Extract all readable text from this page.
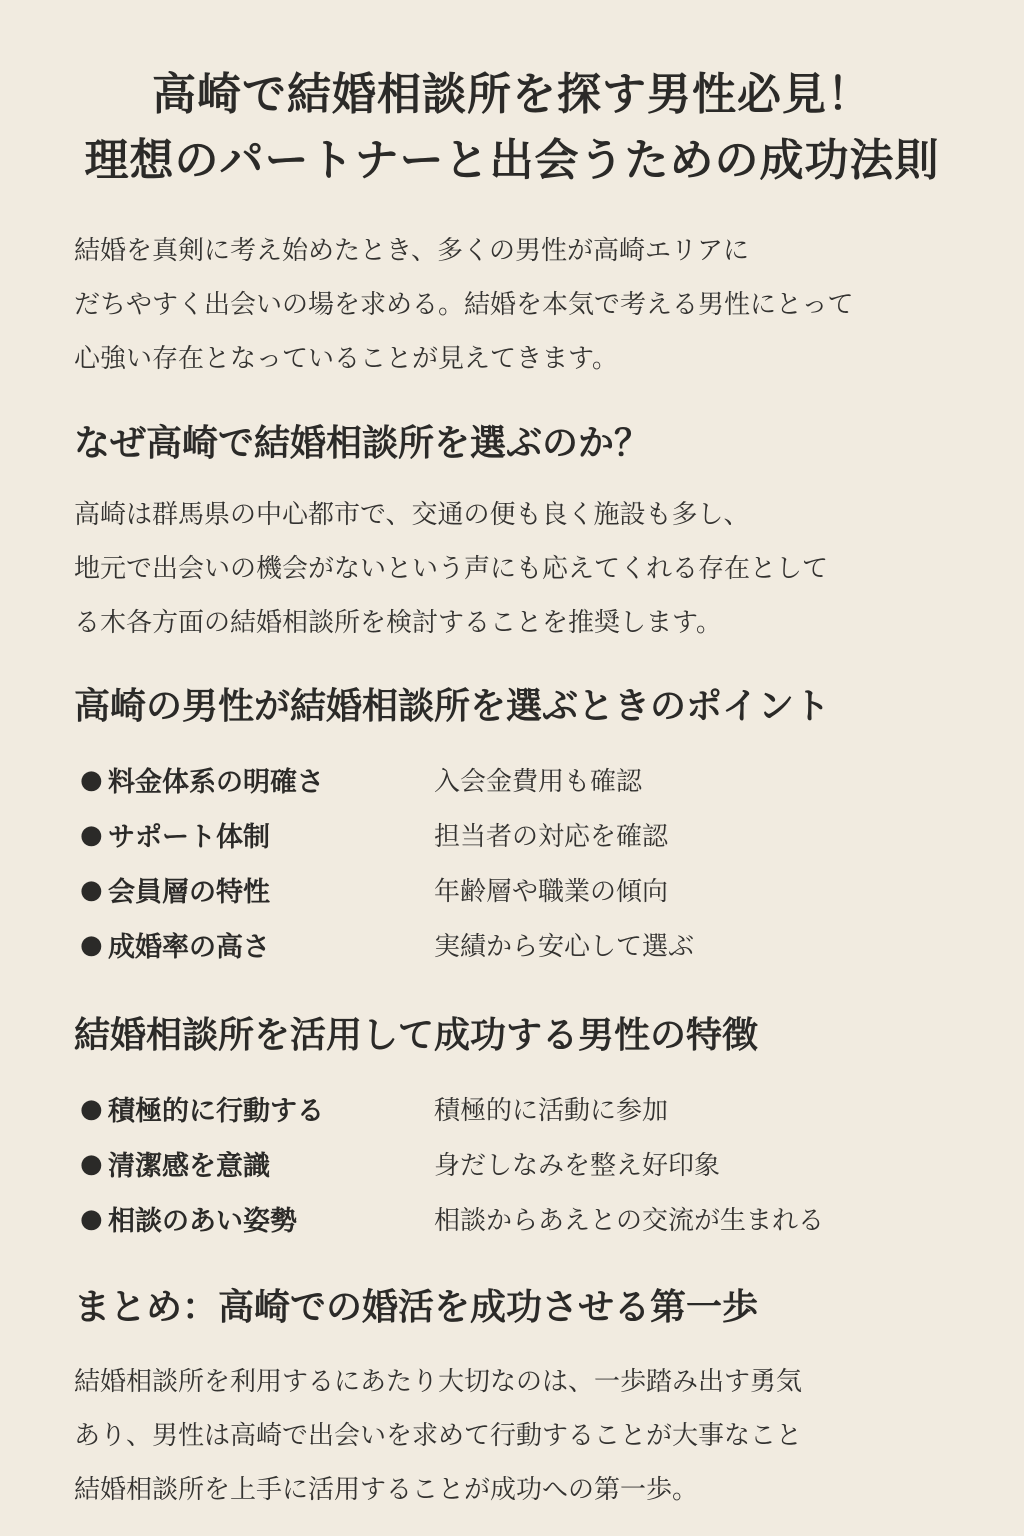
高崎で結婚相談所を探す男性必見！
理想のパートナーと出会うための成功法則
結婚を真剣に考え始めたとき、多くの男性が高崎エリアに
だちやすく出会いの場を求める。結婚を本気で考える男性にとって
心強い存在となっていることが見えてきます。
なぜ高崎で結婚相談所を選ぶのか？
高崎は群馬県の中心都市で、交通の便も良く施設も多し、
地元で出会いの機会がないという声にも応えてくれる存在として
る木各方面の結婚相談所を検討することを推奨します。
高崎の男性が結婚相談所を選ぶときのポイント
● 料金体系の明確さ	入会金費用も確認
● サポート体制	担当者の対応を確認
● 会員層の特性	年齢層や職業の傾向
● 成婚率の高さ	実績から安心して選ぶ
結婚相談所を活用して成功する男性の特徴
● 積極的に行動する	積極的に活動に参加
● 清潔感を意識	身だしなみを整え好印象
● 相談のあい姿勢	相談からあえとの交流が生まれる
まとめ：高崎での婚活を成功させる第一歩
結婚相談所を利用するにあたり大切なのは、一歩踏み出す勇気
あり、男性は高崎で出会いを求めて行動することが大事なこと
結婚相談所を上手に活用することが成功への第一歩。
